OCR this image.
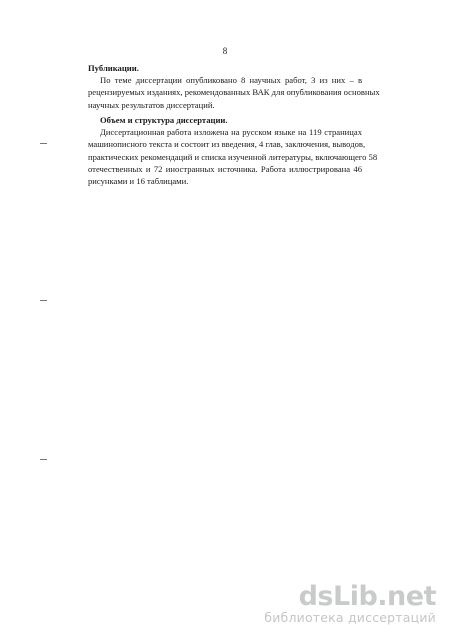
8

Публикации.

По теме диссертации опубликовано 8 научных работ, 3 из них – в
рецензируемых изданиях, рекомендованных ВАК для опубликования основных
научных результатов диссертаций.

Объем и структура диссертации.

Диссертационная работа изложена на русском языке на 119 страницах
машинописного текста и состоит из введения, 4 глав, заключения, выводов,
практических рекомендаций и списка изученной литературы, включающего 58
отечественных и 72 иностранных источника. Работа иллюстрирована 46
рисунками и 16 таблицами.

dsLib.net
библиотека диссертаций
